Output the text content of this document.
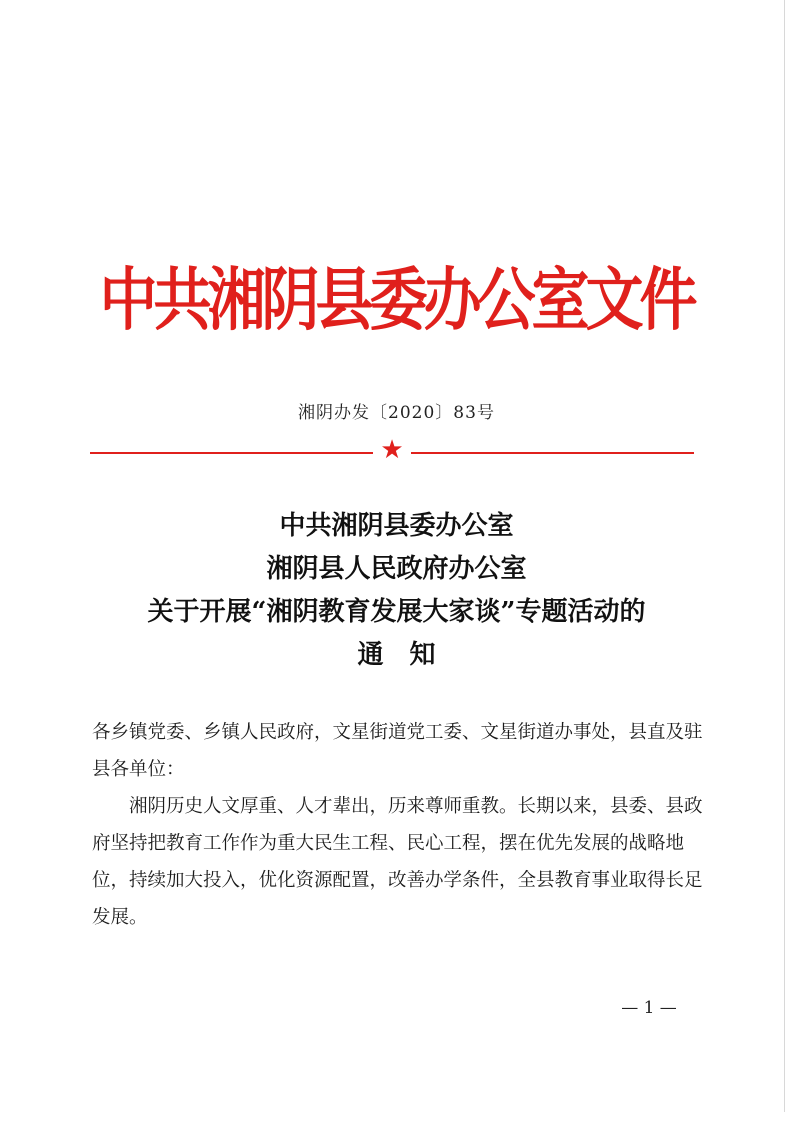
中共湘阴县委办公室文件
湘阴办发〔2020〕83号
★
中共湘阴县委办公室
湘阴县人民政府办公室
关于开展“湘阴教育发展大家谈”专题活动的
通知

各乡镇党委、乡镇人民政府，文星街道党工委、文星街道办事处，县直及驻县各单位：

湘阴历史人文厚重、人才辈出，历来尊师重教。长期以来，县委、县政府坚持把教育工作作为重大民生工程、民心工程，摆在优先发展的战略地位，持续加大投入，优化资源配置，改善办学条件，全县教育事业取得长足发展。

— 1 —
